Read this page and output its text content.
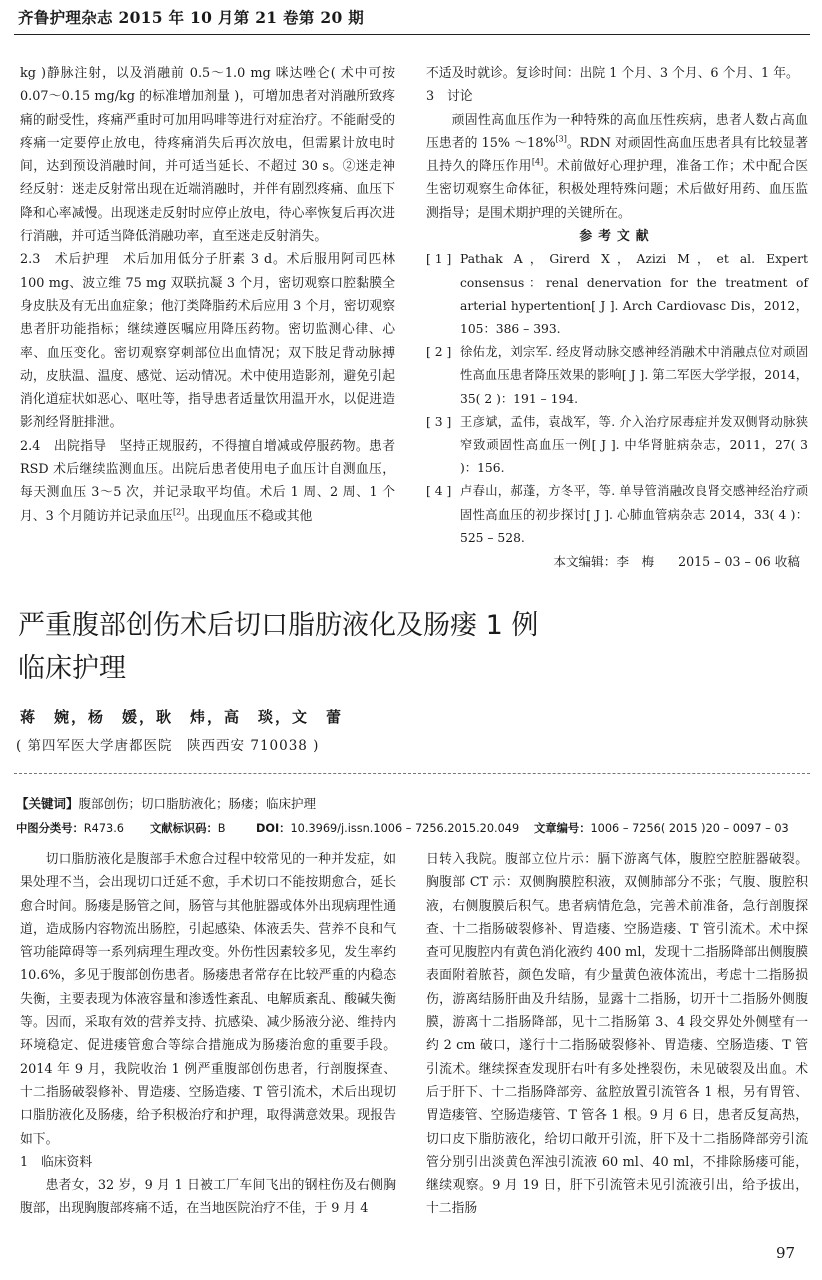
齐鲁护理杂志 2015 年 10 月第 21 卷第 20 期

kg )静脉注射，以及消融前 0.5～1.0 mg 咪达唑仑( 术中可按 0.07～0.15 mg/kg 的标准增加剂量 )，可增加患者对消融所致疼痛的耐受性，疼痛严重时可加用吗啡等进行对症治疗。不能耐受的疼痛一定要停止放电，待疼痛消失后再次放电，但需累计放电时间，达到预设消融时间，并可适当延长、不超过 30 s。②迷走神经反射：迷走反射常出现在近端消融时，并伴有剧烈疼痛、血压下降和心率减慢。出现迷走反射时应停止放电，待心率恢复后再次进行消融，并可适当降低消融功率，直至迷走反射消失。

2.3　术后护理　术后加用低分子肝素 3 d。术后服用阿司匹林 100 mg、波立维 75 mg 双联抗凝 3 个月，密切观察口腔黏膜全身皮肤及有无出血症象；他汀类降脂药术后应用 3 个月，密切观察患者肝功能指标；继续遵医嘱应用降压药物。密切监测心律、心率、血压变化。密切观察穿刺部位出血情况；双下肢足背动脉搏动，皮肤温、温度、感觉、运动情况。术中使用造影剂，避免引起消化道症状如恶心、呕吐等，指导患者适量饮用温开水，以促进造影剂经肾脏排泄。

2.4　出院指导　坚持正规服药，不得擅自增减或停服药物。患者 RSD 术后继续监测血压。出院后患者使用电子血压计自测血压，每天测血压 3～5 次，并记录取平均值。术后 1 周、2 周、1 个月、3 个月随访并记录血压[2]。出现血压不稳或其他

不适及时就诊。复诊时间：出院 1 个月、3 个月、6 个月、1 年。

3　讨论

顽固性高血压作为一种特殊的高血压性疾病，患者人数占高血压患者的 15% ～18%[3]。RDN 对顽固性高血压患者具有比较显著且持久的降压作用[4]。术前做好心理护理，准备工作；术中配合医生密切观察生命体征，积极处理特殊问题；术后做好用药、血压监测指导；是围术期护理的关键所在。

参考文献

[ 1 ] Pathak A，Girerd X，Azizi M，et al. Expert consensus：renal denervation for the treatment of arterial hypertention[ J ]. Arch Cardiovasc Dis，2012，105：386 – 393.
[ 2 ] 徐佑龙，刘宗军. 经皮肾动脉交感神经消融术中消融点位对顽固性高血压患者降压效果的影响[ J ]. 第二军医大学学报，2014，35( 2 )：191 – 194.
[ 3 ] 王彦斌，孟伟，袁战军，等. 介入治疗尿毒症并发双侧肾动脉狭窄致顽固性高血压一例[ J ]. 中华肾脏病杂志，2011，27( 3 )：156.
[ 4 ] 卢春山，郝蓬，方冬平，等. 单导管消融改良肾交感神经治疗顽固性高血压的初步探讨[ J ]. 心肺血管病杂志 2014，33( 4 )：525 – 528.

本文编辑：李　梅 2015 – 03 – 06 收稿

严重腹部创伤术后切口脂肪液化及肠瘘 1 例
临床护理
蒋　婉，杨　媛，耿　炜，高　琰，文　蕾
( 第四军医大学唐都医院　陕西西安 710038 )
【关键词】腹部创伤；切口脂肪液化；肠瘘；临床护理
中图分类号：R473.6 文献标识码：B	DOI：10.3969/j.issn.1006 – 7256.2015.20.049 文章编号：1006 – 7256( 2015 )20 – 0097 – 03

切口脂肪液化是腹部手术愈合过程中较常见的一种并发症，如果处理不当，会出现切口迁延不愈，手术切口不能按期愈合，延长愈合时间。肠瘘是肠管之间，肠管与其他脏器或体外出现病理性通道，造成肠内容物流出肠腔，引起感染、体液丢失、营养不良和气管功能障碍等一系列病理生理改变。外伤性因素较多见，发生率约 10.6%，多见于腹部创伤患者。肠瘘患者常存在比较严重的内稳态失衡，主要表现为体液容量和渗透性紊乱、电解质紊乱、酸碱失衡等。因而，采取有效的营养支持、抗感染、减少肠液分泌、维持内环境稳定、促进瘘管愈合等综合措施成为肠瘘治愈的重要手段。2014 年 9 月，我院收治 1 例严重腹部创伤患者，行剖腹探查、十二指肠破裂修补、胃造瘘、空肠造瘘、T 管引流术，术后出现切口脂肪液化及肠瘘，给予积极治疗和护理，取得满意效果。现报告如下。

1　临床资料

患者女，32 岁，9 月 1 日被工厂车间飞出的钢柱伤及右侧胸腹部，出现胸腹部疼痛不适，在当地医院治疗不佳，于 9 月 4

日转入我院。腹部立位片示：膈下游离气体，腹腔空腔脏器破裂。胸腹部 CT 示：双侧胸膜腔积液，双侧肺部分不张；气腹、腹腔积液，右侧腹膜后积气。患者病情危急，完善术前准备，急行剖腹探查、十二指肠破裂修补、胃造瘘、空肠造瘘、T 管引流术。术中探查可见腹腔内有黄色消化液约 400 ml，发现十二指肠降部出侧腹膜表面附着脓苔，颜色发暗，有少量黄色液体流出，考虑十二指肠损伤，游离结肠肝曲及升结肠，显露十二指肠，切开十二指肠外侧腹膜，游离十二指肠降部，见十二指肠第 3、4 段交界处外侧壁有一约 2 cm 破口，遂行十二指肠破裂修补、胃造瘘、空肠造瘘、T 管引流术。继续探查发现肝右叶有多处挫裂伤，未见破裂及出血。术后于肝下、十二指肠降部旁、盆腔放置引流管各 1 根，另有胃管、胃造瘘管、空肠造瘘管、T 管各 1 根。9 月 6 日，患者反复高热，切口皮下脂肪液化，给切口敞开引流，肝下及十二指肠降部旁引流管分别引出淡黄色浑浊引流液 60 ml、40 ml，不排除肠瘘可能，继续观察。9 月 19 日，肝下引流管未见引流液引出，给予拔出，十二指肠

97
